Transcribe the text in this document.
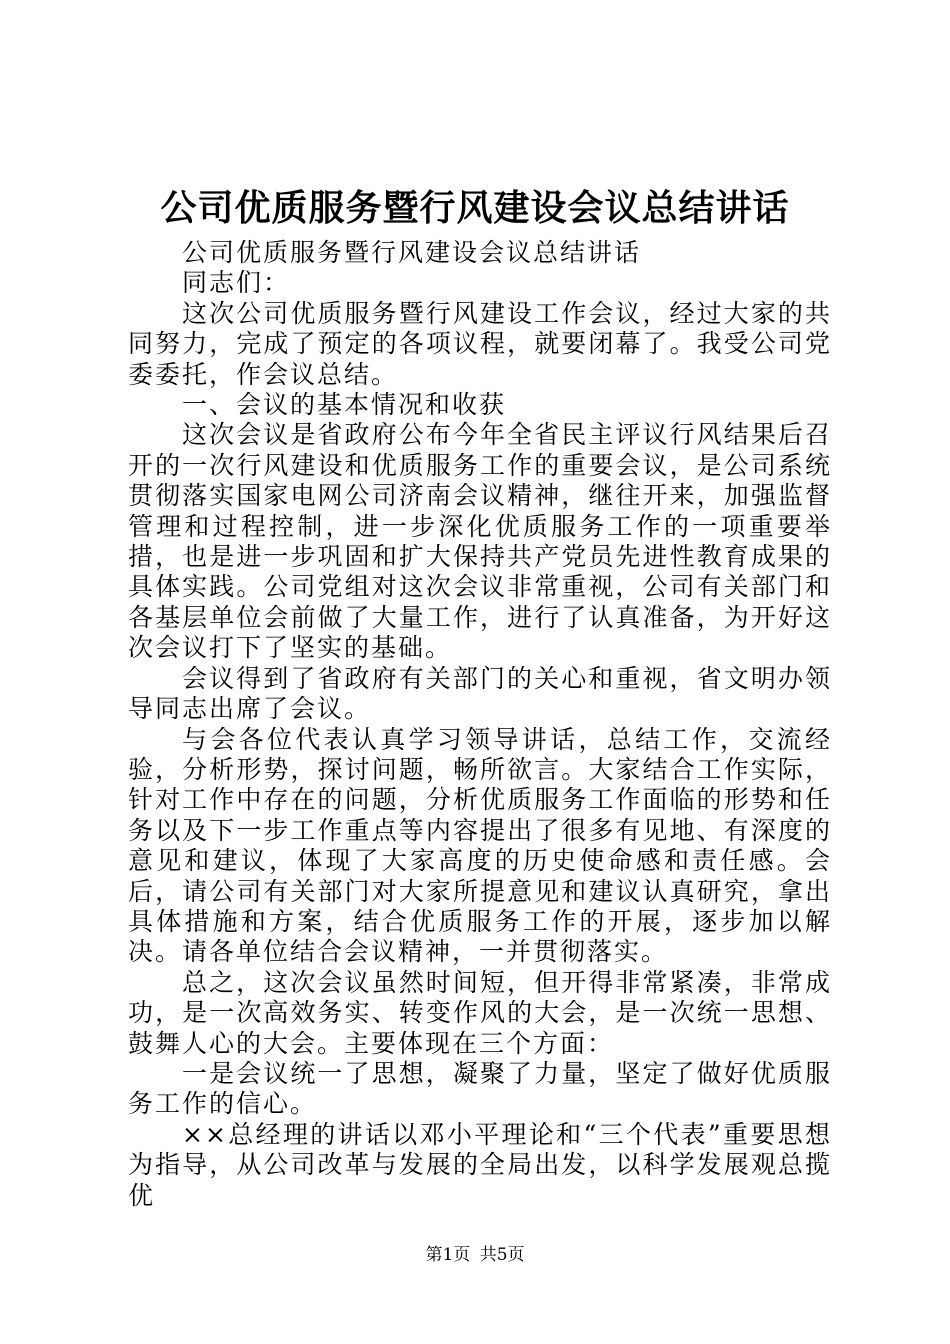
公司优质服务暨行风建设会议总结讲话

公司优质服务暨行风建设会议总结讲话

同志们：

这次公司优质服务暨行风建设工作会议，经过大家的共同努力，完成了预定的各项议程，就要闭幕了。我受公司党委委托，作会议总结。

一、会议的基本情况和收获

这次会议是省政府公布今年全省民主评议行风结果后召开的一次行风建设和优质服务工作的重要会议，是公司系统贯彻落实国家电网公司济南会议精神，继往开来，加强监督管理和过程控制，进一步深化优质服务工作的一项重要举措，也是进一步巩固和扩大保持共产党员先进性教育成果的具体实践。公司党组对这次会议非常重视，公司有关部门和各基层单位会前做了大量工作，进行了认真准备，为开好这次会议打下了坚实的基础。

会议得到了省政府有关部门的关心和重视，省文明办领导同志出席了会议。

与会各位代表认真学习领导讲话，总结工作，交流经验，分析形势，探讨问题，畅所欲言。大家结合工作实际，针对工作中存在的问题，分析优质服务工作面临的形势和任务以及下一步工作重点等内容提出了很多有见地、有深度的意见和建议，体现了大家高度的历史使命感和责任感。会后，请公司有关部门对大家所提意见和建议认真研究，拿出具体措施和方案，结合优质服务工作的开展，逐步加以解决。请各单位结合会议精神，一并贯彻落实。

总之，这次会议虽然时间短，但开得非常紧凑，非常成功，是一次高效务实、转变作风的大会，是一次统一思想、鼓舞人心的大会。主要体现在三个方面：

一是会议统一了思想，凝聚了力量，坚定了做好优质服务工作的信心。

××总经理的讲话以邓小平理论和“三个代表”重要思想为指导，从公司改革与发展的全局出发，以科学发展观总揽优

第1页 共5页
